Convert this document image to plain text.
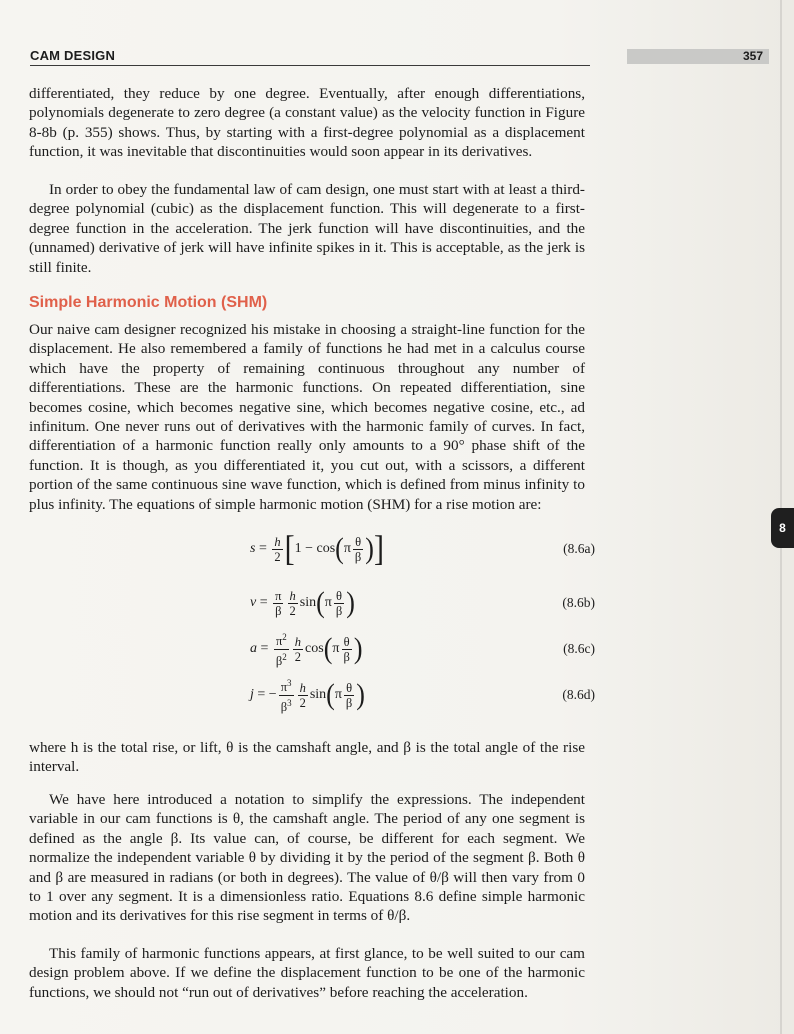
CAM DESIGN	357
8

differentiated, they reduce by one degree. Eventually, after enough differentiations, polynomials degenerate to zero degree (a constant value) as the velocity function in Figure 8-8b (p. 355) shows. Thus, by starting with a first-degree polynomial as a displacement function, it was inevitable that discontinuities would soon appear in its derivatives.

In order to obey the fundamental law of cam design, one must start with at least a third-degree polynomial (cubic) as the displacement function. This will degenerate to a first-degree function in the acceleration. The jerk function will have discontinuities, and the (unnamed) derivative of jerk will have infinite spikes in it. This is acceptable, as the jerk is still finite.

Simple Harmonic Motion (SHM)

Our naive cam designer recognized his mistake in choosing a straight-line function for the displacement. He also remembered a family of functions he had met in a calculus course which have the property of remaining continuous throughout any number of differentiations. These are the harmonic functions. On repeated differentiation, sine becomes cosine, which becomes negative sine, which becomes negative cosine, etc., ad infinitum. One never runs out of derivatives with the harmonic family of curves. In fact, differentiation of a harmonic function really only amounts to a 90° phase shift of the function. It is though, as you differentiated it, you cut out, with a scissors, a different portion of the same continuous sine wave function, which is defined from minus infinity to plus infinity. The equations of simple harmonic motion (SHM) for a rise motion are:

$s = \frac{h}{2}$ [ 1 − cos ( π $\frac{\theta}{\beta}$ ) ]	(8.6a)
$v = \frac{\pi}{\beta} \frac{h}{2}$ sin ( π $\frac{\theta}{\beta}$ )	(8.6b)
$a = \frac{\pi^2}{\beta^2} \frac{h}{2}$ cos ( π $\frac{\theta}{\beta}$ )	(8.6c)
j = − $\frac{\pi^3}{\beta^3} \frac{h}{2}$ sin ( π $\frac{\theta}{\beta}$ )	(8.6d)

where h is the total rise, or lift, θ is the camshaft angle, and β is the total angle of the rise interval.

We have here introduced a notation to simplify the expressions. The independent variable in our cam functions is θ, the camshaft angle. The period of any one segment is defined as the angle β. Its value can, of course, be different for each segment. We normalize the independent variable θ by dividing it by the period of the segment β. Both θ and β are measured in radians (or both in degrees). The value of θ/β will then vary from 0 to 1 over any segment. It is a dimensionless ratio. Equations 8.6 define simple harmonic motion and its derivatives for this rise segment in terms of θ/β.

This family of harmonic functions appears, at first glance, to be well suited to our cam design problem above. If we define the displacement function to be one of the harmonic functions, we should not “run out of derivatives” before reaching the acceleration.
